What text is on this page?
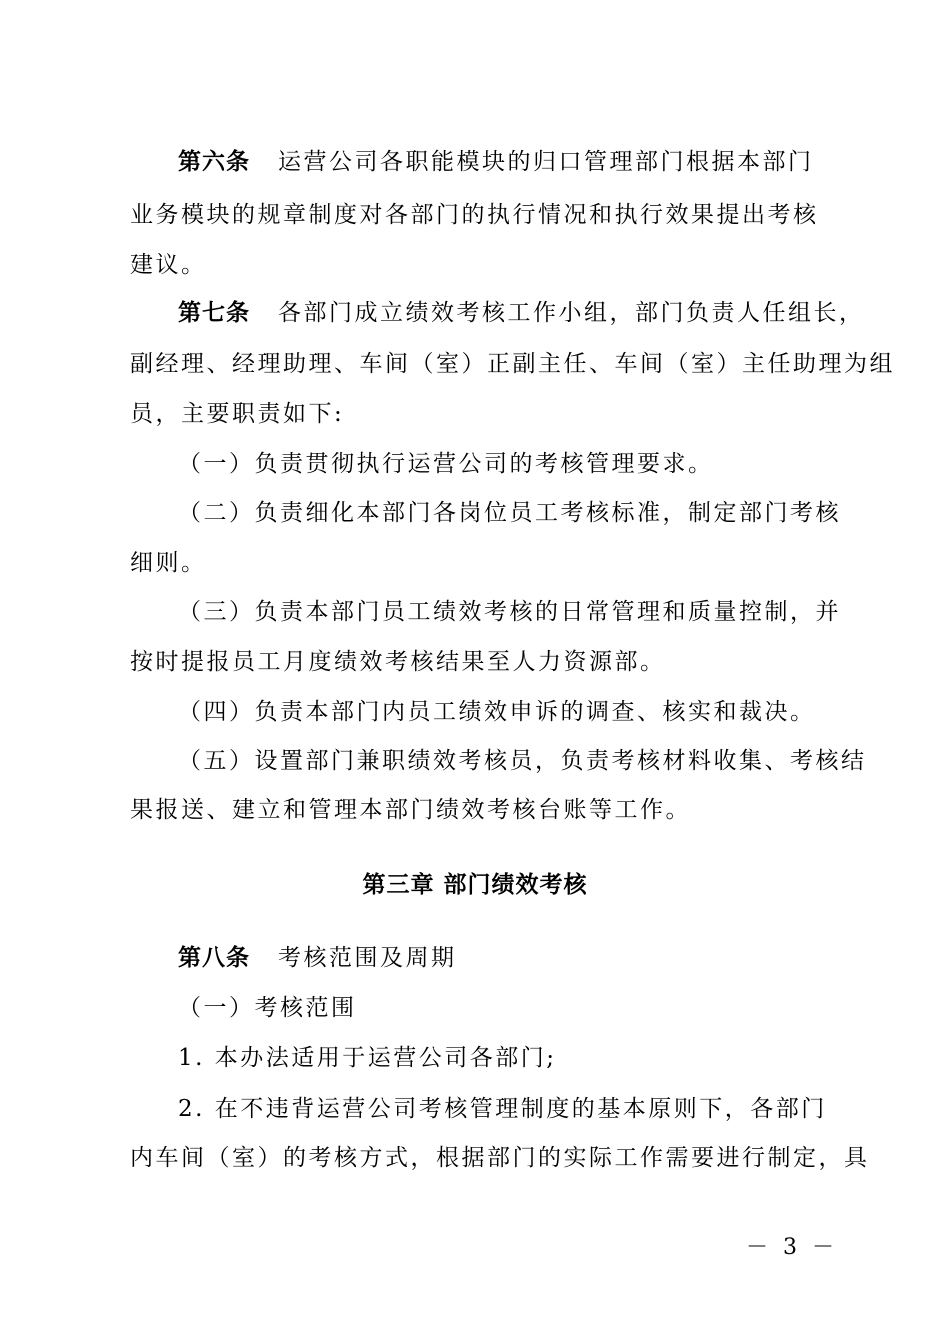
第六条 运营公司各职能模块的归口管理部门根据本部门
业务模块的规章制度对各部门的执行情况和执行效果提出考核
建议。
第七条 各部门成立绩效考核工作小组，部门负责人任组长，
副经理、经理助理、车间（室）正副主任、车间（室）主任助理为组
员，主要职责如下:
（一）负责贯彻执行运营公司的考核管理要求。
（二）负责细化本部门各岗位员工考核标准，制定部门考核
细则。
（三）负责本部门员工绩效考核的日常管理和质量控制，并
按时提报员工月度绩效考核结果至人力资源部。
（四）负责本部门内员工绩效申诉的调查、核实和裁决。
（五）设置部门兼职绩效考核员，负责考核材料收集、考核结
果报送、建立和管理本部门绩效考核台账等工作。
第三章 部门绩效考核
第八条 考核范围及周期
（一）考核范围
1. 本办法适用于运营公司各部门;
2. 在不违背运营公司考核管理制度的基本原则下，各部门
内车间（室）的考核方式，根据部门的实际工作需要进行制定，具
－ 3 －
